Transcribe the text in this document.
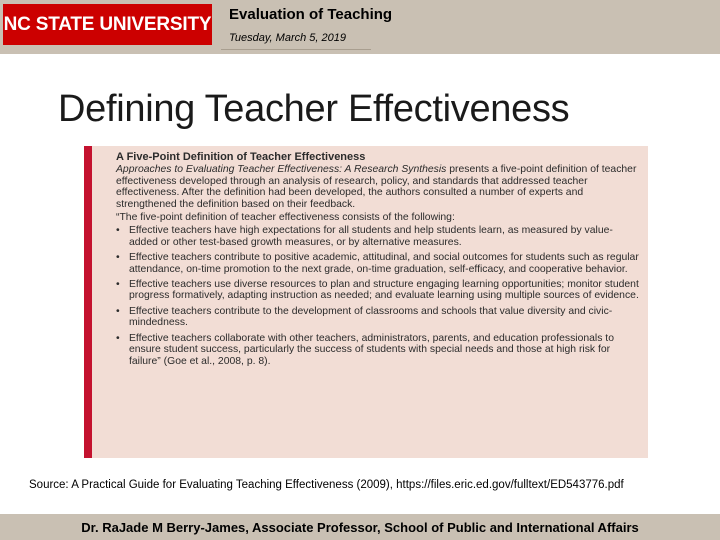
NC STATE UNIVERSITY Evaluation of Teaching
Tuesday, March 5, 2019
Defining Teacher Effectiveness
A Five-Point Definition of Teacher Effectiveness

Approaches to Evaluating Teacher Effectiveness: A Research Synthesis presents a five-point definition of teacher effectiveness developed through an analysis of research, policy, and standards that addressed teacher effectiveness. After the definition had been developed, the authors consulted a number of experts and strengthened the definition based on their feedback.

“The five-point definition of teacher effectiveness consists of the following:

• Effective teachers have high expectations for all students and help students learn, as measured by value-added or other test-based growth measures, or by alternative measures.
• Effective teachers contribute to positive academic, attitudinal, and social outcomes for students such as regular attendance, on-time promotion to the next grade, on-time graduation, self-efficacy, and cooperative behavior.
• Effective teachers use diverse resources to plan and structure engaging learning opportunities; monitor student progress formatively, adapting instruction as needed; and evaluate learning using multiple sources of evidence.
• Effective teachers contribute to the development of classrooms and schools that value diversity and civic-mindedness.
• Effective teachers collaborate with other teachers, administrators, parents, and education professionals to ensure student success, particularly the success of students with special needs and those at high risk for failure” (Goe et al., 2008, p. 8).
Source: A Practical Guide for Evaluating Teaching Effectiveness (2009), https://files.eric.ed.gov/fulltext/ED543776.pdf
Dr. RaJade M Berry-James, Associate Professor, School of Public and International Affairs
